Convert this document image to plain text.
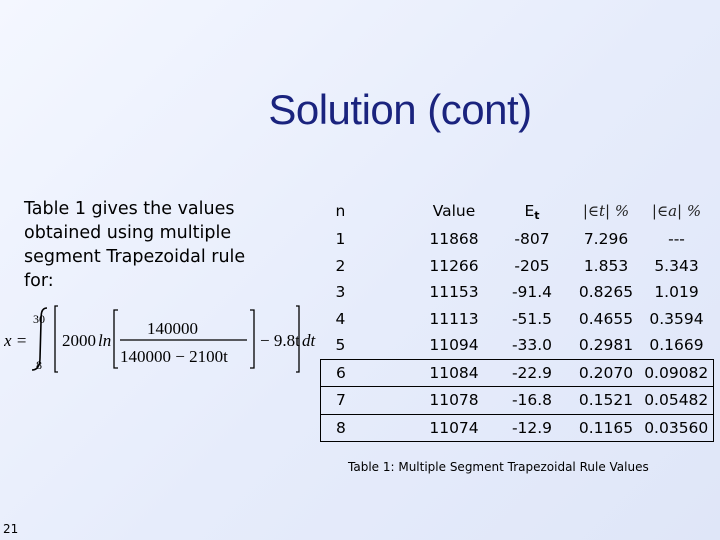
Solution (cont)
Table 1 gives the values obtained using multiple segment Trapezoidal rule for:
x =
30
8
2000 ln
140000
140000 − 2100t
− 9.8t dt
n	Value	Et	|∈t| %	|∈a| %
1	11868	-807	7.296	---
2	11266	-205	1.853	5.343
3	11153	-91.4	0.8265	1.019
4	11113	-51.5	0.4655	0.3594
5	11094	-33.0	0.2981	0.1669
6	11084	-22.9	0.2070	0.09082
7	11078	-16.8	0.1521	0.05482
8	11074	-12.9	0.1165	0.03560
Table 1: Multiple Segment Trapezoidal Rule Values
21
